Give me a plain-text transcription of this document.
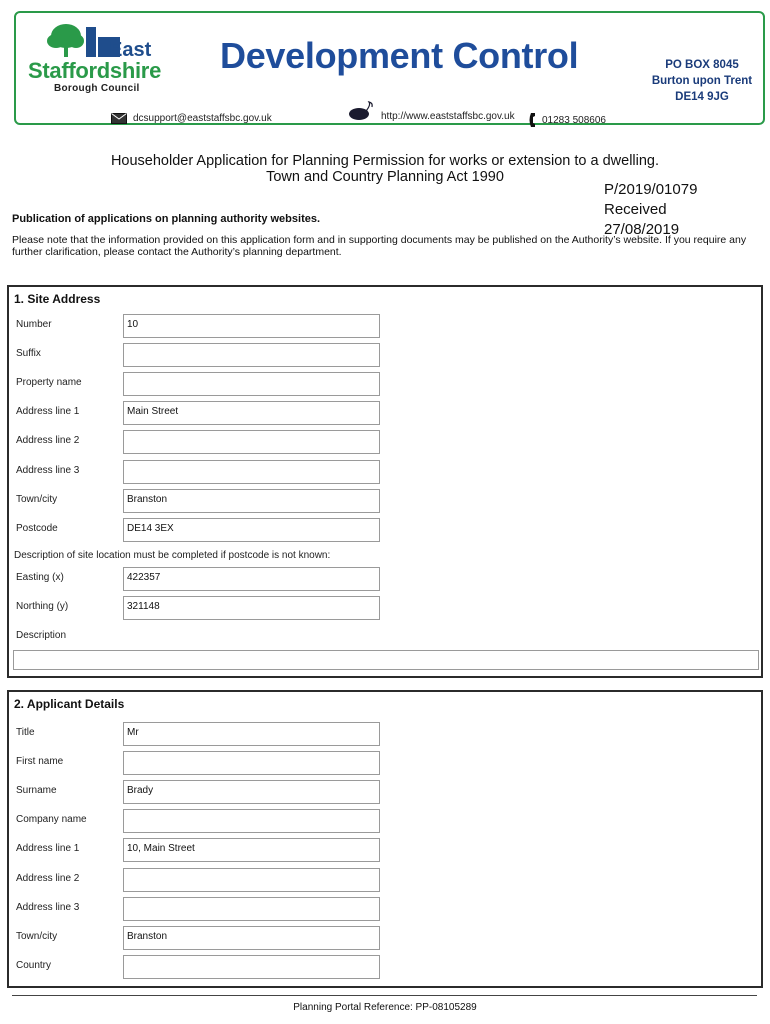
East
Staffordshire
Borough Council
Development Control	PO BOX 8045
Burton upon Trent
DE14 9JG
dcsupport@eaststaffsbc.gov.uk	http://www.eaststaffsbc.gov.uk	01283 508606
Householder Application for Planning Permission for works or extension to a dwelling.
Town and Country Planning Act 1990
P/2019/01079
Received
27/08/2019
Publication of applications on planning authority websites.
Please note that the information provided on this application form and in supporting documents may be published on the Authority’s website. If you require any further clarification, please contact the Authority’s planning department.
1. Site Address
Number	10
Suffix
Property name
Address line 1	Main Street
Address line 2
Address line 3
Town/city	Branston
Postcode	DE14 3EX
Description of site location must be completed if postcode is not known:
Easting (x)	422357
Northing (y)	321148
Description
2. Applicant Details
Title	Mr
First name
Surname	Brady
Company name
Address line 1	10, Main Street
Address line 2
Address line 3
Town/city	Branston
Country
Planning Portal Reference: PP-08105289
